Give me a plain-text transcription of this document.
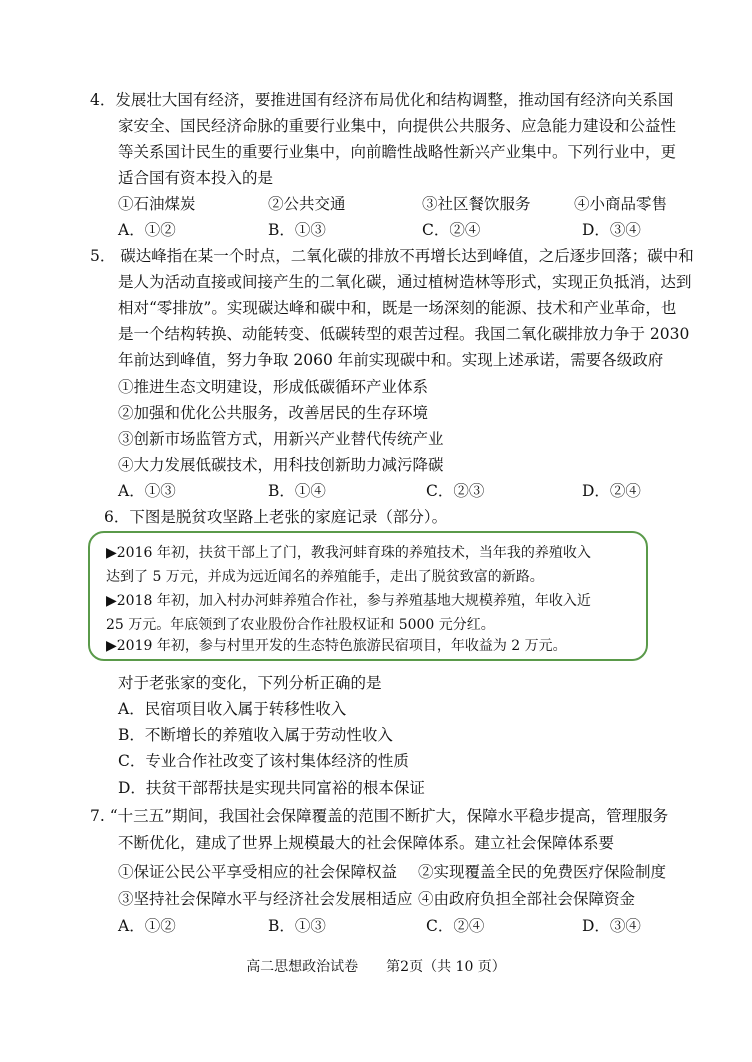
4．发展壮大国有经济，要推进国有经济布局优化和结构调整，推动国有经济向关系国
家安全、国民经济命脉的重要行业集中，向提供公共服务、应急能力建设和公益性
等关系国计民生的重要行业集中，向前瞻性战略性新兴产业集中。下列行业中，更
适合国有资本投入的是
①石油煤炭	②公共交通	③社区餐饮服务	④小商品零售
A．①②	B．①③	C．②④	D．③④
5． 碳达峰指在某一个时点，二氧化碳的排放不再增长达到峰值，之后逐步回落；碳中和
是人为活动直接或间接产生的二氧化碳，通过植树造林等形式，实现正负抵消，达到
相对“零排放”。实现碳达峰和碳中和，既是一场深刻的能源、技术和产业革命，也
是一个结构转换、动能转变、低碳转型的艰苦过程。我国二氧化碳排放力争于 2030
年前达到峰值，努力争取 2060 年前实现碳中和。实现上述承诺，需要各级政府
①推进生态文明建设，形成低碳循环产业体系
②加强和优化公共服务，改善居民的生存环境
③创新市场监管方式，用新兴产业替代传统产业
④大力发展低碳技术，用科技创新助力减污降碳
A．①③	B．①④	C．②③	D．②④
6．下图是脱贫攻坚路上老张的家庭记录（部分）。
▶2016 年初，扶贫干部上了门，教我河蚌育珠的养殖技术，当年我的养殖收入
达到了 5 万元，并成为远近闻名的养殖能手，走出了脱贫致富的新路。
▶2018 年初，加入村办河蚌养殖合作社，参与养殖基地大规模养殖，年收入近
25 万元。年底领到了农业股份合作社股权证和 5000 元分红。
▶2019 年初，参与村里开发的生态特色旅游民宿项目，年收益为 2 万元。
对于老张家的变化，下列分析正确的是
A．民宿项目收入属于转移性收入
B．不断增长的养殖收入属于劳动性收入
C．专业合作社改变了该村集体经济的性质
D．扶贫干部帮扶是实现共同富裕的根本保证
7. “十三五”期间，我国社会保障覆盖的范围不断扩大，保障水平稳步提高，管理服务
不断优化，建成了世界上规模最大的社会保障体系。建立社会保障体系要
①保证公民公平享受相应的社会保障权益 ②实现覆盖全民的免费医疗保险制度
③坚持社会保障水平与经济社会发展相适应 ④由政府负担全部社会保障资金
A．①②	B．①③	C．②④	D．③④
高二思想政治试卷　　第2页（共 10 页）
